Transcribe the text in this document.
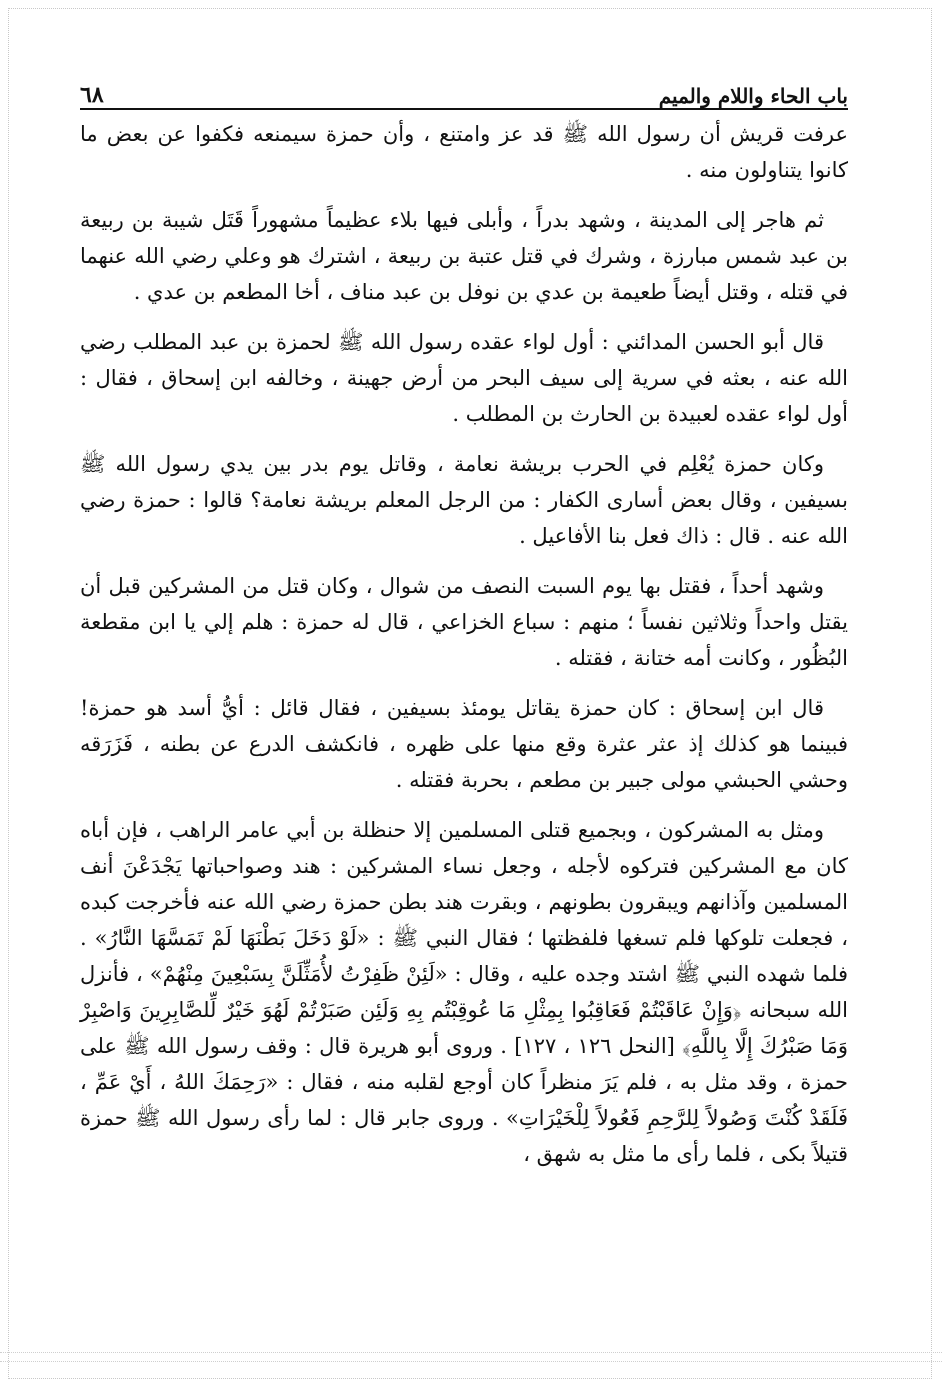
باب الحاء واللام والميم
٦٨

عرفت قريش أن رسول الله ﷺ قد عز وامتنع ، وأن حمزة سيمنعه فكفوا عن بعض ما كانوا يتناولون منه .

ثم هاجر إلى المدينة ، وشهد بدراً ، وأبلى فيها بلاء عظيماً مشهوراً قَتَل شيبة بن ربيعة بن عبد شمس مبارزة ، وشرك في قتل عتبة بن ربيعة ، اشترك هو وعلي رضي الله عنهما في قتله ، وقتل أيضاً طعيمة بن عدي بن نوفل بن عبد مناف ، أخا المطعم بن عدي .

قال أبو الحسن المدائني : أول لواء عقده رسول الله ﷺ لحمزة بن عبد المطلب رضي الله عنه ، بعثه في سرية إلى سيف البحر من أرض جهينة ، وخالفه ابن إسحاق ، فقال : أول لواء عقده لعبيدة بن الحارث بن المطلب .

وكان حمزة يُعْلِم في الحرب بريشة نعامة ، وقاتل يوم بدر بين يدي رسول الله ﷺ بسيفين ، وقال بعض أسارى الكفار : من الرجل المعلم بريشة نعامة؟ قالوا : حمزة رضي الله عنه . قال : ذاك فعل بنا الأفاعيل .

وشهد أحداً ، فقتل بها يوم السبت النصف من شوال ، وكان قتل من المشركين قبل أن يقتل واحداً وثلاثين نفساً ؛ منهم : سباع الخزاعي ، قال له حمزة : هلم إلي يا ابن مقطعة البُظُور ، وكانت أمه ختانة ، فقتله .

قال ابن إسحاق : كان حمزة يقاتل يومئذ بسيفين ، فقال قائل : أيُّ أسد هو حمزة! فبينما هو كذلك إذ عثر عثرة وقع منها على ظهره ، فانكشف الدرع عن بطنه ، فَزَرَقه وحشي الحبشي مولى جبير بن مطعم ، بحربة فقتله .

ومثل به المشركون ، وبجميع قتلى المسلمين إلا حنظلة بن أبي عامر الراهب ، فإن أباه كان مع المشركين فتركوه لأجله ، وجعل نساء المشركين : هند وصواحباتها يَجْدَعْنَ أنف المسلمين وآذانهم ويبقرون بطونهم ، وبقرت هند بطن حمزة رضي الله عنه فأخرجت كبده ، فجعلت تلوكها فلم تسغها فلفظتها ؛ فقال النبي ﷺ : «لَوْ دَخَلَ بَطْنَهَا لَمْ تَمَسَّهَا النَّارُ» . فلما شهده النبي ﷺ اشتد وجده عليه ، وقال : «لَئِنْ ظَفِرْتُ لأُمَثِّلَنَّ بِسَبْعِينَ مِنْهُمْ» ، فأنزل الله سبحانه ﴿وَإِنْ عَاقَبْتُمْ فَعَاقِبُوا بِمِثْلِ مَا عُوقِبْتُم بِهِ وَلَئِن صَبَرْتُمْ لَهُوَ خَيْرٌ لِّلصَّابِرِينَ وَاصْبِرْ وَمَا صَبْرُكَ إِلَّا بِاللَّهِ﴾ [النحل ١٢٦ ، ١٢٧] . وروى أبو هريرة قال : وقف رسول الله ﷺ على حمزة ، وقد مثل به ، فلم يَرَ منظراً كان أوجع لقلبه منه ، فقال : «رَحِمَكَ اللهُ ، أَيْ عَمِّ ، فَلَقَدْ كُنْتَ وَصُولاً لِلرَّحِمِ فَعُولاً لِلْخَيْرَاتِ» . وروى جابر قال : لما رأى رسول الله ﷺ حمزة قتيلاً بكى ، فلما رأى ما مثل به شهق ،
